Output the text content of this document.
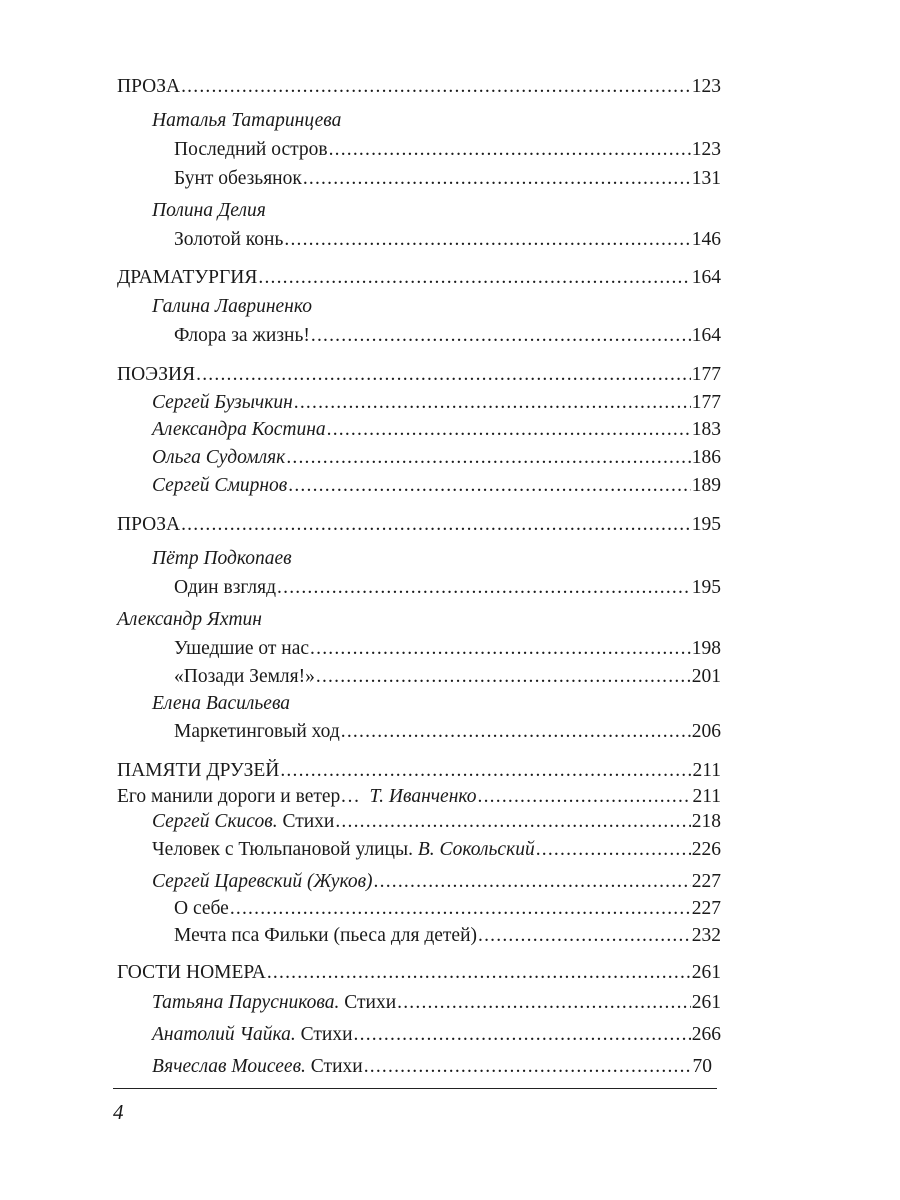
ПРОЗА .....	123
Наталья Татаринцева
Последний остров .....	123
Бунт обезьянок .....	131
Полина Делия
Золотой конь .....	146
ДРАМАТУРГИЯ .....	164
Галина Лавриненко
Флора за жизнь! .....	164
ПОЭЗИЯ .....	177
Сергей Бузычкин .....	177
Александра Костина .....	183
Ольга Судомляк .....	186
Сергей Смирнов .....	189
ПРОЗА .....	195
Пётр Подкопаев
Один взгляд .....	195
Александр Яхтин
Ушедшие от нас .....	198
«Позади Земля!» .....	201
Елена Васильева
Маркетинговый ход .....	206
ПАМЯТИ ДРУЗЕЙ .....	211
Его манили дороги и ветер… Т. Иванченко .....	211
Сергей Скисов. Стихи .....	218
Человек с Тюльпановой улицы. В. Сокольский .....	226
Сергей Царевский (Жуков) .....	227
О себе .....	227
Мечта пса Фильки (пьеса для детей) .....	232
ГОСТИ НОМЕРА .....	261
Татьяна Парусникова. Стихи .....	261
Анатолий Чайка. Стихи .....	266
Вячеслав Моисеев. Стихи .....	70
4
